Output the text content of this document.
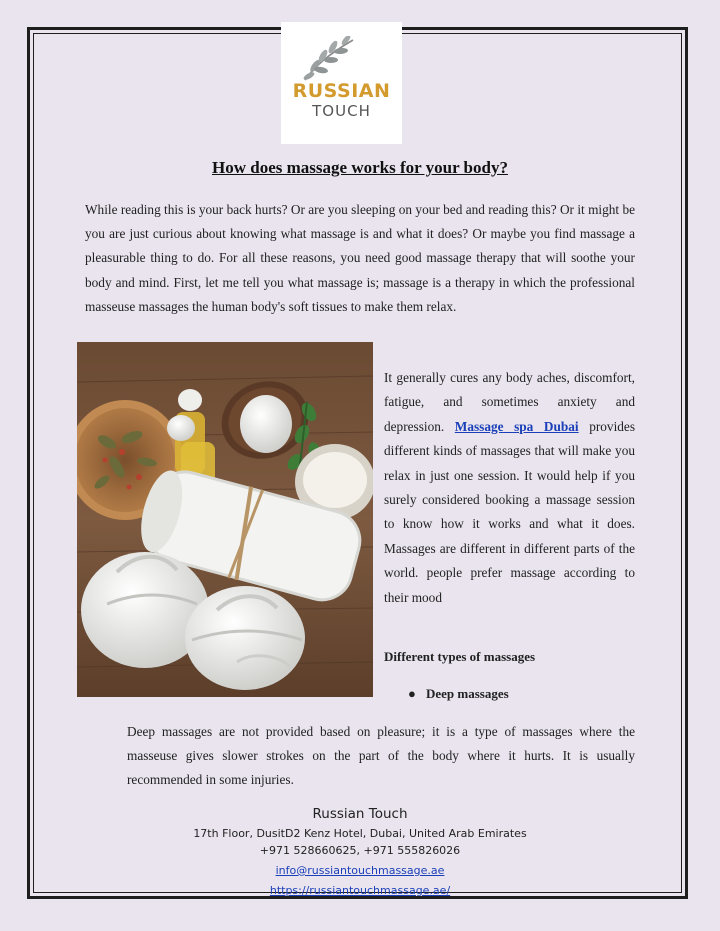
RUSSIAN
TOUCH
How does massage works for your body?

While reading this is your back hurts? Or are you sleeping on your bed and reading this? Or it might be you are just curious about knowing what massage is and what it does? Or maybe you find massage a pleasurable thing to do. For all these reasons, you need good massage therapy that will soothe your body and mind. First, let me tell you what massage is; massage is a therapy in which the professional masseuse massages the human body's soft tissues to make them relax.

It generally cures any body aches, discomfort, fatigue, and sometimes anxiety and depression. Massage spa Dubai provides different kinds of massages that will make you relax in just one session. It would help if you surely considered booking a massage session to know how it works and what it does. Massages are different in different parts of the world. people prefer massage according to their mood

Different types of massages
● Deep massages

Deep massages are not provided based on pleasure; it is a type of massages where the masseuse gives slower strokes on the part of the body where it hurts. It is usually recommended in some injuries.

Russian Touch
17th Floor, DusitD2 Kenz Hotel, Dubai, United Arab Emirates
+971 528660625, +971 555826026
info@russiantouchmassage.ae
https://russiantouchmassage.ae/
